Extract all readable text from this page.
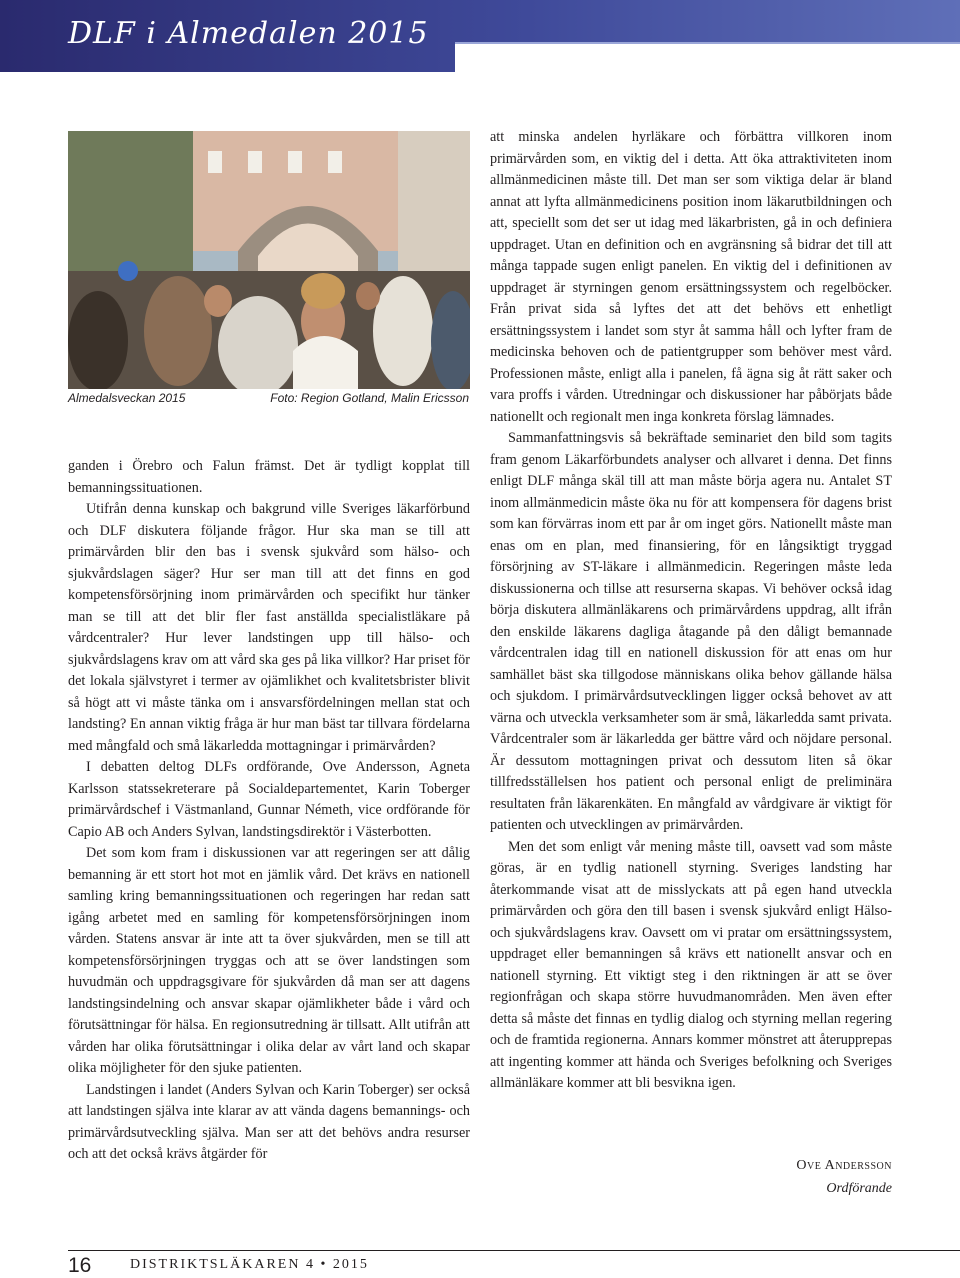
DLF i Almedalen 2015
Almedalsveckan 2015	Foto: Region Gotland, Malin Ericsson

ganden i Örebro och Falun främst. Det är tydligt kopplat till bemanningssituationen.

Utifrån denna kunskap och bakgrund ville Sveriges läkarförbund och DLF diskutera följande frågor. Hur ska man se till att primärvården blir den bas i svensk sjukvård som hälso- och sjukvårdslagen säger? Hur ser man till att det finns en god kompetensförsörjning inom primärvården och specifikt hur tänker man se till att det blir fler fast anställda specialistläkare på vårdcentraler? Hur lever landstingen upp till hälso- och sjukvårdslagens krav om att vård ska ges på lika villkor? Har priset för det lokala självstyret i termer av ojämlikhet och kvalitetsbrister blivit så högt att vi måste tänka om i ansvarsfördelningen mellan stat och landsting? En annan viktig fråga är hur man bäst tar tillvara fördelarna med mångfald och små läkarledda mottagningar i primärvården?

I debatten deltog DLFs ordförande, Ove Andersson, Agneta Karlsson statssekreterare på Socialdepartementet, Karin Toberger primärvårdschef i Västmanland, Gunnar Németh, vice ordförande för Capio AB och Anders Sylvan, landstingsdirektör i Västerbotten.

Det som kom fram i diskussionen var att regeringen ser att dålig bemanning är ett stort hot mot en jämlik vård. Det krävs en nationell samling kring bemanningssituationen och regeringen har redan satt igång arbetet med en samling för kompetensförsörjningen inom vården. Statens ansvar är inte att ta över sjukvården, men se till att kompetensförsörjningen tryggas och att se över landstingen som huvudmän och uppdragsgivare för sjukvården då man ser att dagens landstingsindelning och ansvar skapar ojämlikheter både i vård och förutsättningar för hälsa. En regionsutredning är tillsatt. Allt utifrån att vården har olika förutsättningar i olika delar av vårt land och skapar olika möjligheter för den sjuke patienten.

Landstingen i landet (Anders Sylvan och Karin Toberger) ser också att landstingen själva inte klarar av att vända dagens bemannings- och primärvårdsutveckling själva. Man ser att det behövs andra resurser och att det också krävs åtgärder för

att minska andelen hyrläkare och förbättra villkoren inom primärvården som, en viktig del i detta. Att öka attraktiviteten inom allmänmedicinen måste till. Det man ser som viktiga delar är bland annat att lyfta allmänmedicinens position inom läkarutbildningen och att, speciellt som det ser ut idag med läkarbristen, gå in och definiera uppdraget. Utan en definition och en avgränsning så bidrar det till att många tappade sugen enligt panelen. En viktig del i definitionen av uppdraget är styrningen genom ersättningssystem och regelböcker. Från privat sida så lyftes det att det behövs ett enhetligt ersättningssystem i landet som styr åt samma håll och lyfter fram de medicinska behoven och de patientgrupper som behöver mest vård. Professionen måste, enligt alla i panelen, få ägna sig åt rätt saker och vara proffs i vården. Utredningar och diskussioner har påbörjats både nationellt och regionalt men inga konkreta förslag lämnades.

Sammanfattningsvis så bekräftade seminariet den bild som tagits fram genom Läkarförbundets analyser och allvaret i denna. Det finns enligt DLF många skäl till att man måste börja agera nu. Antalet ST inom allmänmedicin måste öka nu för att kompensera för dagens brist som kan förvärras inom ett par år om inget görs. Nationellt måste man enas om en plan, med finansiering, för en långsiktigt tryggad försörjning av ST-läkare i allmänmedicin. Regeringen måste leda diskussionerna och tillse att resurserna skapas. Vi behöver också idag börja diskutera allmänläkarens och primärvårdens uppdrag, allt ifrån den enskilde läkarens dagliga åtagande på den dåligt bemannade vårdcentralen idag till en nationell diskussion för att enas om hur samhället bäst ska tillgodose människans olika behov gällande hälsa och sjukdom. I primärvårdsutvecklingen ligger också behovet av att värna och utveckla verksamheter som är små, läkarledda samt privata. Vårdcentraler som är läkarledda ger bättre vård och nöjdare personal. Är dessutom mottagningen privat och dessutom liten så ökar tillfredsställelsen hos patient och personal enligt de preliminära resultaten från läkarenkäten. En mångfald av vårdgivare är viktigt för patienten och utvecklingen av primärvården.

Men det som enligt vår mening måste till, oavsett vad som måste göras, är en tydlig nationell styrning. Sveriges landsting har återkommande visat att de misslyckats att på egen hand utveckla primärvården och göra den till basen i svensk sjukvård enligt Hälso- och sjukvårdslagens krav. Oavsett om vi pratar om ersättningssystem, uppdraget eller bemanningen så krävs ett nationellt ansvar och en nationell styrning. Ett viktigt steg i den riktningen är att se över regionfrågan och skapa större huvudmanområden. Men även efter detta så måste det finnas en tydlig dialog och styrning mellan regering och de framtida regionerna. Annars kommer mönstret att återupprepas att ingenting kommer att hända och Sveriges befolkning och Sveriges allmänläkare kommer att bli besvikna igen.

Ove Andersson
Ordförande
16	DISTRIKTSLÄKAREN 4 • 2015
